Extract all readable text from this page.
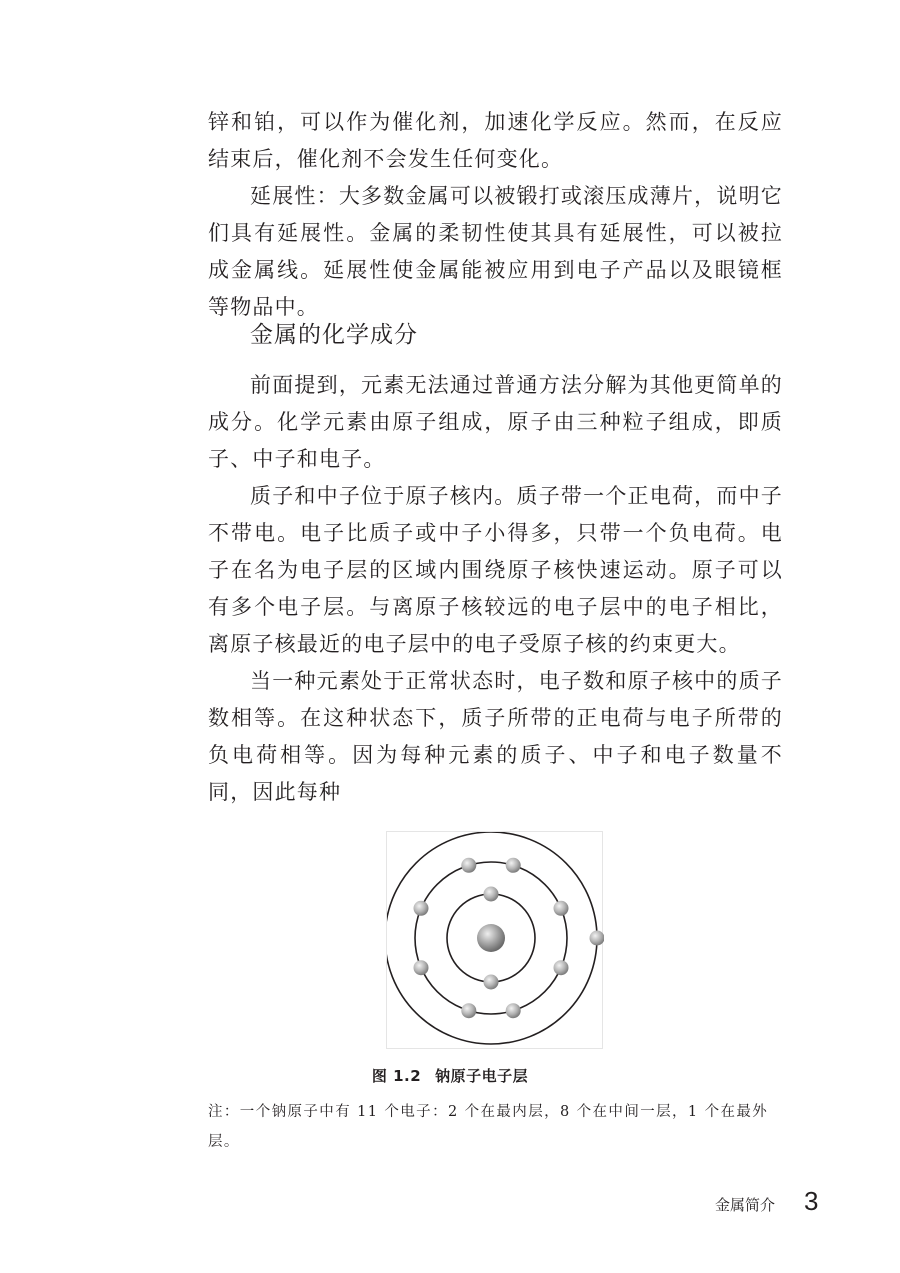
锌和铂，可以作为催化剂，加速化学反应。然而，在反应结束后，催化剂不会发生任何变化。

延展性：大多数金属可以被锻打或滚压成薄片，说明它们具有延展性。金属的柔韧性使其具有延展性，可以被拉成金属线。延展性使金属能被应用到电子产品以及眼镜框等物品中。

金属的化学成分

前面提到，元素无法通过普通方法分解为其他更简单的成分。化学元素由原子组成，原子由三种粒子组成，即质子、中子和电子。

质子和中子位于原子核内。质子带一个正电荷，而中子不带电。电子比质子或中子小得多，只带一个负电荷。电子在名为电子层的区域内围绕原子核快速运动。原子可以有多个电子层。与离原子核较远的电子层中的电子相比，离原子核最近的电子层中的电子受原子核的约束更大。

当一种元素处于正常状态时，电子数和原子核中的质子数相等。在这种状态下，质子所带的正电荷与电子所带的负电荷相等。因为每种元素的质子、中子和电子数量不同，因此每种

图 1.2 钠原子电子层

注：一个钠原子中有 11 个电子：2 个在最内层，8 个在中间一层，1 个在最外层。

金属简介 3
